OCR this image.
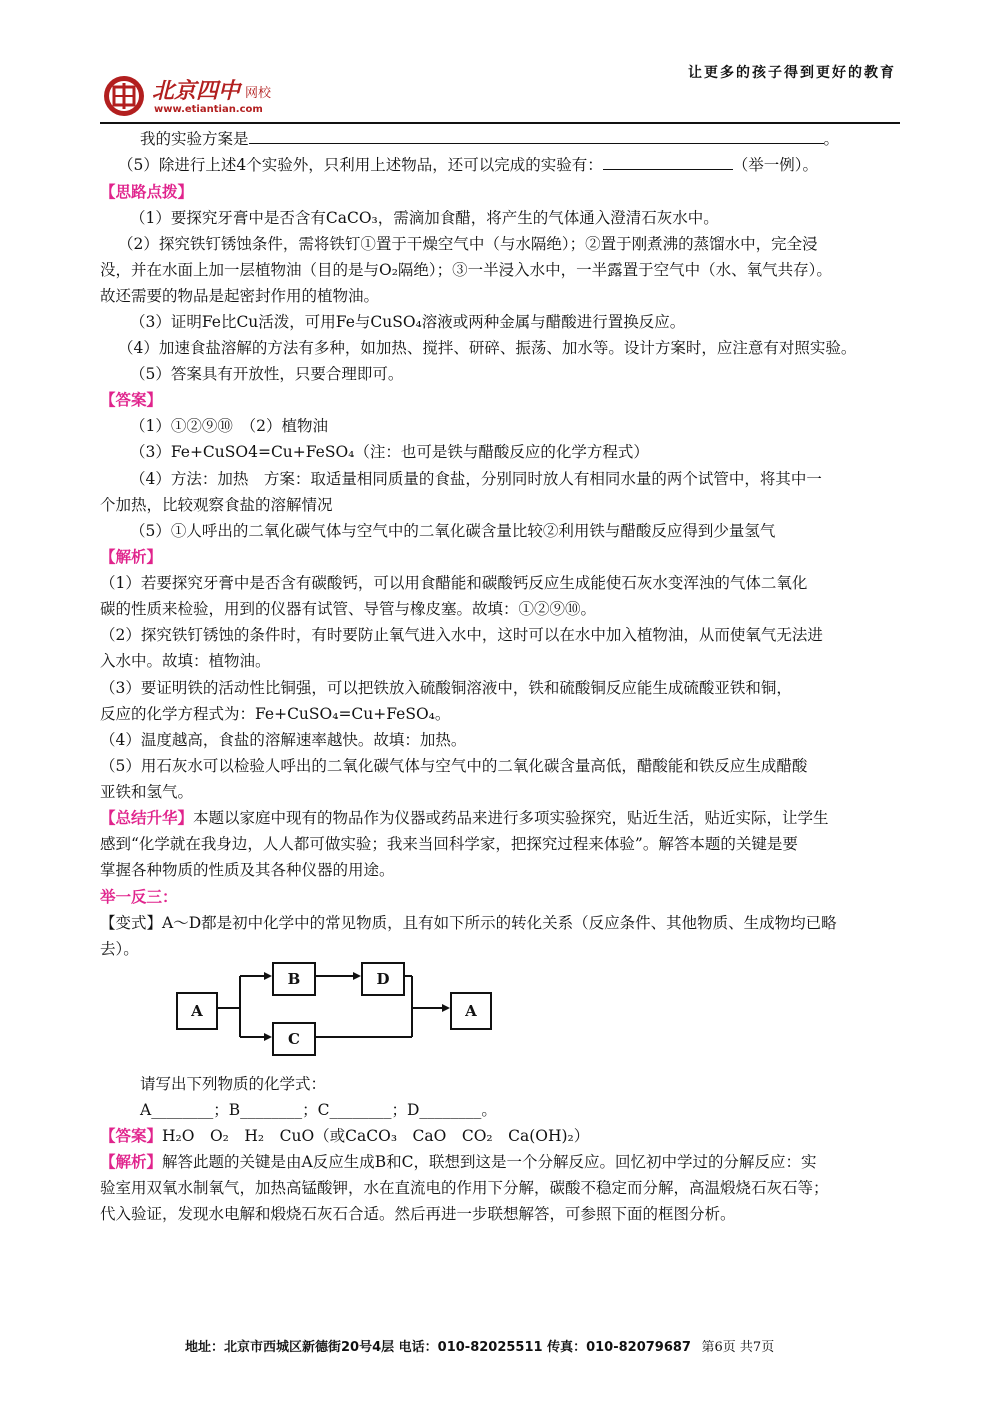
北京四中 网校
www.etiantian.com
让更多的孩子得到更好的教育
我的实验方案是	。
（5）除进行上述4个实验外，只利用上述物品，还可以完成的实验有：	（举一例）。
【思路点拨】
（1）要探究牙膏中是否含有CaCO₃，需滴加食醋，将产生的气体通入澄清石灰水中。
（2）探究铁钉锈蚀条件，需将铁钉①置于干燥空气中（与水隔绝）；②置于刚煮沸的蒸馏水中，完全浸
没，并在水面上加一层植物油（目的是与O₂隔绝）；③一半浸入水中，一半露置于空气中（水、氧气共存）。
故还需要的物品是起密封作用的植物油。
（3）证明Fe比Cu活泼，可用Fe与CuSO₄溶液或两种金属与醋酸进行置换反应。
（4）加速食盐溶解的方法有多种，如加热、搅拌、研碎、振荡、加水等。设计方案时，应注意有对照实验。
（5）答案具有开放性，只要合理即可。
【答案】
（1）①②⑨⑩　（2）植物油
（3）Fe+CuSO4=Cu+FeSO₄（注：也可是铁与醋酸反应的化学方程式）
（4）方法：加热　方案：取适量相同质量的食盐，分别同时放人有相同水量的两个试管中，将其中一
个加热，比较观察食盐的溶解情况
（5）①人呼出的二氧化碳气体与空气中的二氧化碳含量比较②利用铁与醋酸反应得到少量氢气
【解析】
（1）若要探究牙膏中是否含有碳酸钙，可以用食醋能和碳酸钙反应生成能使石灰水变浑浊的气体二氧化
碳的性质来检验，用到的仪器有试管、导管与橡皮塞。故填：①②⑨⑩。
（2）探究铁钉锈蚀的条件时，有时要防止氧气进入水中，这时可以在水中加入植物油，从而使氧气无法进
入水中。故填：植物油。
（3）要证明铁的活动性比铜强，可以把铁放入硫酸铜溶液中，铁和硫酸铜反应能生成硫酸亚铁和铜，
反应的化学方程式为：Fe+CuSO₄=Cu+FeSO₄。
（4）温度越高，食盐的溶解速率越快。故填：加热。
（5）用石灰水可以检验人呼出的二氧化碳气体与空气中的二氧化碳含量高低，醋酸能和铁反应生成醋酸
亚铁和氢气。
【总结升华】本题以家庭中现有的物品作为仪器或药品来进行多项实验探究，贴近生活，贴近实际，让学生
感到“化学就在我身边，人人都可做实验；我来当回科学家，把探究过程来体验”。解答本题的关键是要
掌握各种物质的性质及其各种仪器的用途。
举一反三：
【变式】A～D都是初中化学中的常见物质，且有如下所示的转化关系（反应条件、其他物质、生成物均已略
去）。
A
B
C
D
A
请写出下列物质的化学式：
A________；B________；C________；D________。
【答案】H₂O　O₂　H₂　CuO（或CaCO₃　CaO　CO₂　Ca(OH)₂）
【解析】解答此题的关键是由A反应生成B和C，联想到这是一个分解反应。回忆初中学过的分解反应：实
验室用双氧水制氧气，加热高锰酸钾，水在直流电的作用下分解，碳酸不稳定而分解，高温煅烧石灰石等；
代入验证，发现水电解和煅烧石灰石合适。然后再进一步联想解答，可参照下面的框图分析。
地址：北京市西城区新德街20号4层 电话：010-82025511 传真：010-82079687 第6页 共7页
